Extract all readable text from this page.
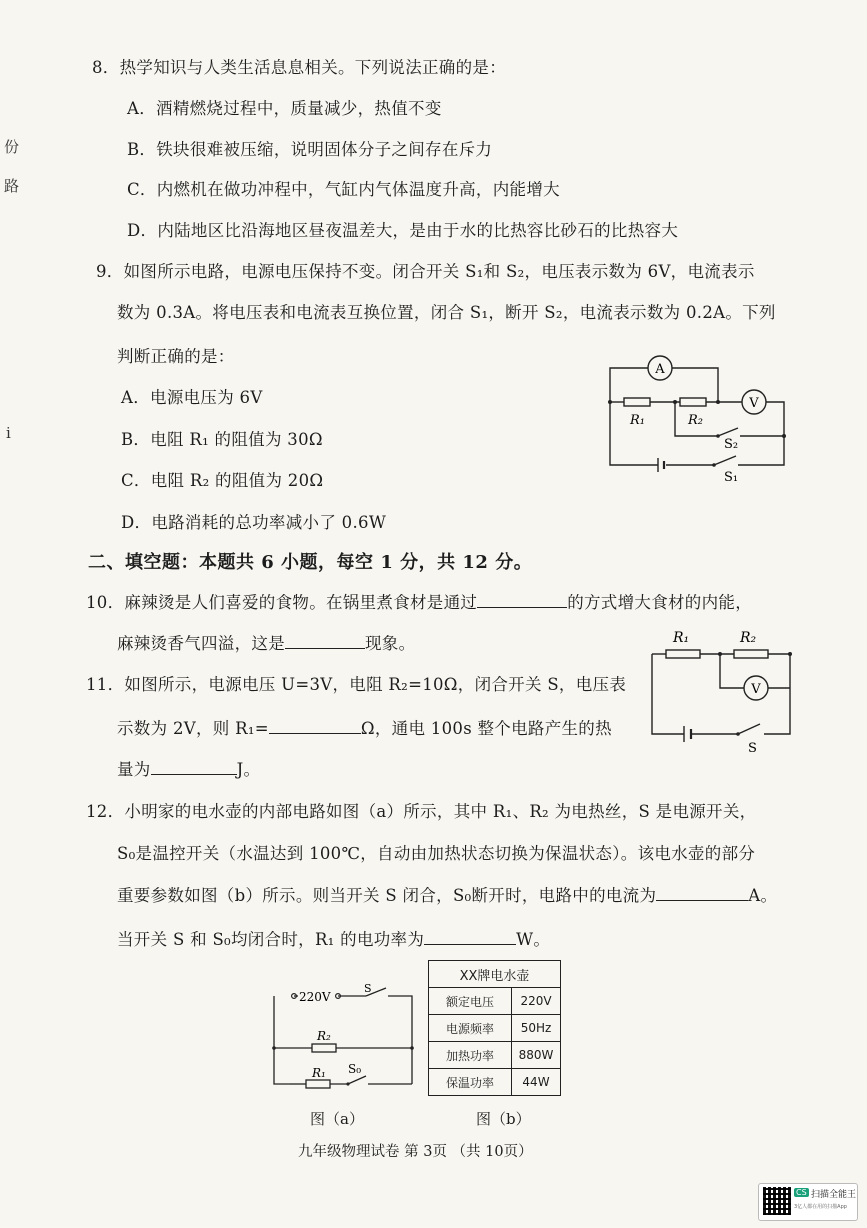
份
路
i
8．热学知识与人类生活息息相关。下列说法正确的是：
A．酒精燃烧过程中，质量减少，热值不变
B．铁块很难被压缩，说明固体分子之间存在斥力
C．内燃机在做功冲程中，气缸内气体温度升高，内能增大
D．内陆地区比沿海地区昼夜温差大，是由于水的比热容比砂石的比热容大
9．如图所示电路，电源电压保持不变。闭合开关 S₁和 S₂，电压表示数为 6V，电流表示
数为 0.3A。将电压表和电流表互换位置，闭合 S₁，断开 S₂，电流表示数为 0.2A。下列
判断正确的是：
A．电源电压为 6V
B．电阻 R₁ 的阻值为 30Ω
C．电阻 R₂ 的阻值为 20Ω
D．电路消耗的总功率减小了 0.6W
A
V
R₁	R₂
S₂
S₁
二、填空题：本题共 6 小题，每空 1 分，共 12 分。
10．麻辣烫是人们喜爱的食物。在锅里煮食材是通过	的方式增大食材的内能，
麻辣烫香气四溢，这是	现象。
11．如图所示，电源电压 U=3V，电阻 R₂=10Ω，闭合开关 S，电压表
示数为 2V，则 R₁=	Ω，通电 100s 整个电路产生的热
量为	J。
V
R₁	R₂
S
12．小明家的电水壶的内部电路如图（a）所示，其中 R₁、R₂ 为电热丝，S 是电源开关，
S₀是温控开关（水温达到 100℃，自动由加热状态切换为保温状态）。该电水壶的部分
重要参数如图（b）所示。则当开关 S 闭合，S₀断开时，电路中的电流为	A。
当开关 S 和 S₀均闭合时，R₁ 的电功率为	W。
220V
S
R₂
R₁ S₀
图（a）
XX牌电水壶	
额定电压	220V
电源频率	50Hz
加热功率	880W
保温功率	44W
图（b）
九年级物理试卷 第 3页 （共 10页）
CS 扫描全能王
3亿人都在用的扫描App
